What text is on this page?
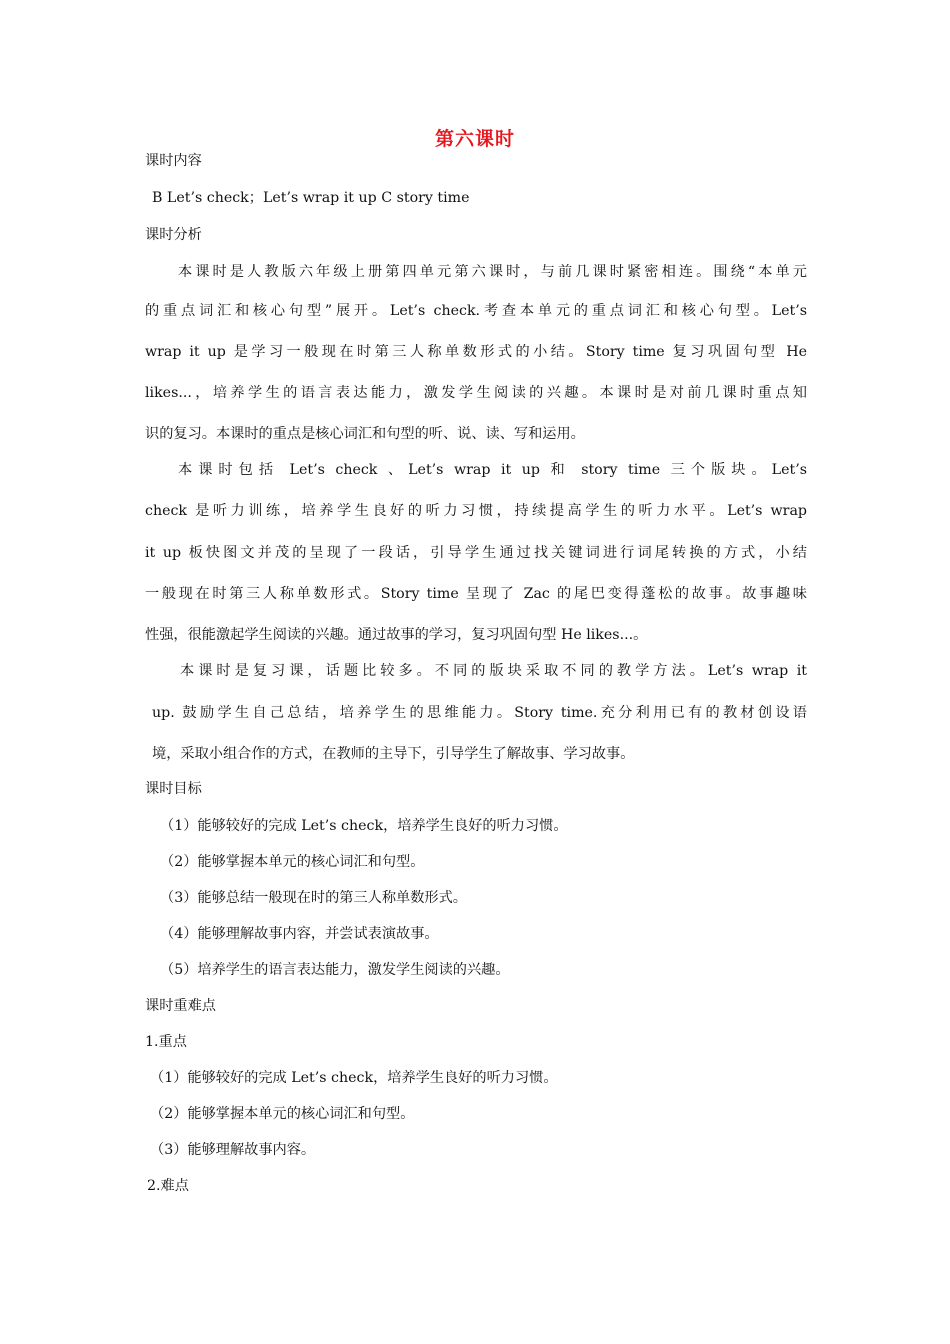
第六课时
课时内容
B Let’s check；Let’s wrap it up C story time
课时分析
本课时是人教版六年级上册第四单元第六课时，与前几课时紧密相连。围绕“本单元
的重点词汇和核心句型”展开。Let’s check.考查本单元的重点词汇和核心句型。Let’s
wrap it up 是学习一般现在时第三人称单数形式的小结。Story time 复习巩固句型 He
likes...，培养学生的语言表达能力，激发学生阅读的兴趣。本课时是对前几课时重点知
识的复习。本课时的重点是核心词汇和句型的听、说、读、写和运用。
本课时包括 Let’s check 、Let’s wrap it up 和 story time 三个版块。Let’s
check 是听力训练，培养学生良好的听力习惯，持续提高学生的听力水平。Let’s wrap
it up 板快图文并茂的呈现了一段话，引导学生通过找关键词进行词尾转换的方式，小结
一般现在时第三人称单数形式。Story time 呈现了 Zac 的尾巴变得蓬松的故事。故事趣味
性强，很能激起学生阅读的兴趣。通过故事的学习，复习巩固句型 He likes...。
本课时是复习课，话题比较多。不同的版块采取不同的教学方法。Let’s wrap it
up. 鼓励学生自己总结，培养学生的思维能力。Story time.充分利用已有的教材创设语
境，采取小组合作的方式，在教师的主导下，引导学生了解故事、学习故事。
课时目标
（1）能够较好的完成 Let’s check，培养学生良好的听力习惯。
（2）能够掌握本单元的核心词汇和句型。
（3）能够总结一般现在时的第三人称单数形式。
（4）能够理解故事内容，并尝试表演故事。
（5）培养学生的语言表达能力，激发学生阅读的兴趣。
课时重难点
1.重点
（1）能够较好的完成 Let’s check，培养学生良好的听力习惯。
（2）能够掌握本单元的核心词汇和句型。
（3）能够理解故事内容。
2.难点
